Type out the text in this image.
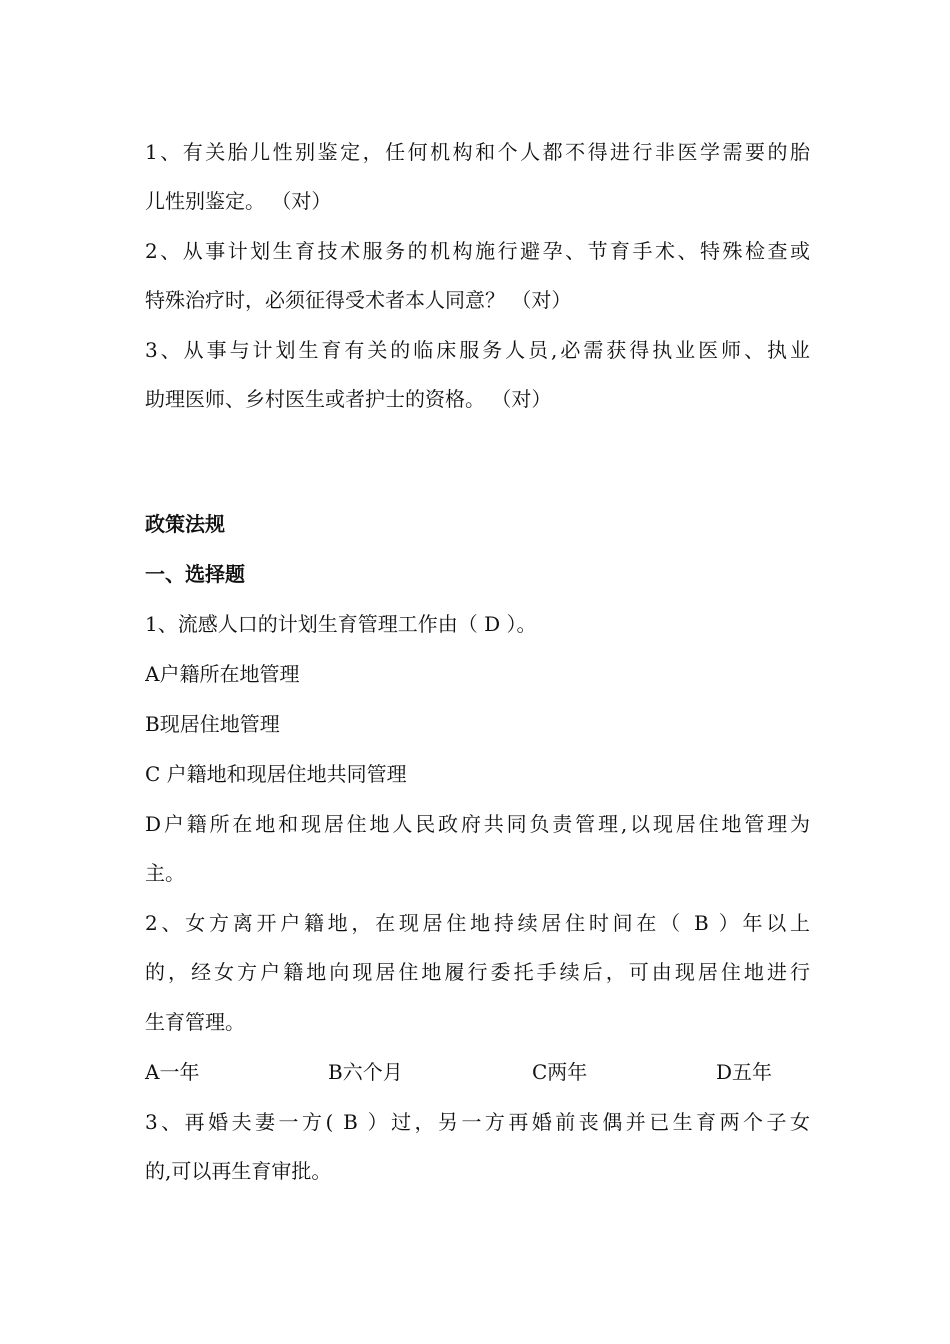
1、有关胎儿性别鉴定，任何机构和个人都不得进行非医学需要的胎
儿性别鉴定。 （对）
2、从事计划生育技术服务的机构施行避孕、节育手术、特殊检查或
特殊治疗时，必须征得受术者本人同意？ （对）
3、从事与计划生育有关的临床服务人员,必需获得执业医师、执业
助理医师、乡村医生或者护士的资格。 （对）
政策法规
一、选择题
1、流感人口的计划生育管理工作由（ D ）。
A户籍所在地管理
B现居住地管理
C 户籍地和现居住地共同管理
D户籍所在地和现居住地人民政府共同负责管理,以现居住地管理为
主。
2、女方离开户籍地，在现居住地持续居住时间在（ B ）年以上
的，经女方户籍地向现居住地履行委托手续后，可由现居住地进行
生育管理。
A一年	B六个月	C两年	D五年
3、再婚夫妻一方( B ）过，另一方再婚前丧偶并已生育两个子女
的,可以再生育审批。
